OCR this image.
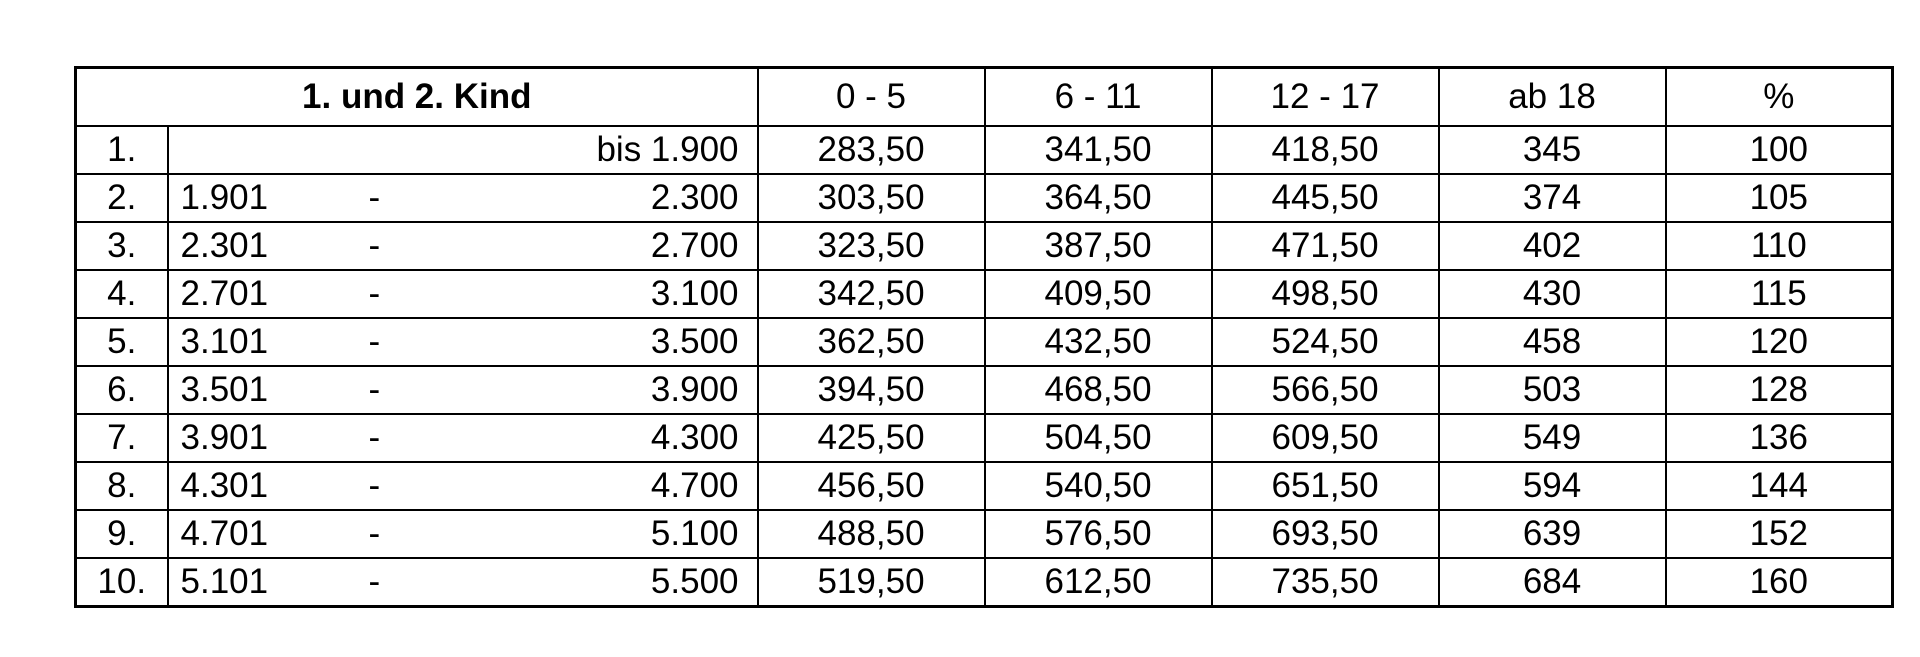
1. und 2. Kind		0 - 5	6 - 11	12 - 17	ab 18	%
1.	bis 1.900	283,50	341,50	418,50	345	100
2.	1.901 - 2.300	303,50	364,50	445,50	374	105
3.	2.301 - 2.700	323,50	387,50	471,50	402	110
4.	2.701 - 3.100	342,50	409,50	498,50	430	115
5.	3.101 - 3.500	362,50	432,50	524,50	458	120
6.	3.501 - 3.900	394,50	468,50	566,50	503	128
7.	3.901 - 4.300	425,50	504,50	609,50	549	136
8.	4.301 - 4.700	456,50	540,50	651,50	594	144
9.	4.701 - 5.100	488,50	576,50	693,50	639	152
10.	5.101 - 5.500	519,50	612,50	735,50	684	160
